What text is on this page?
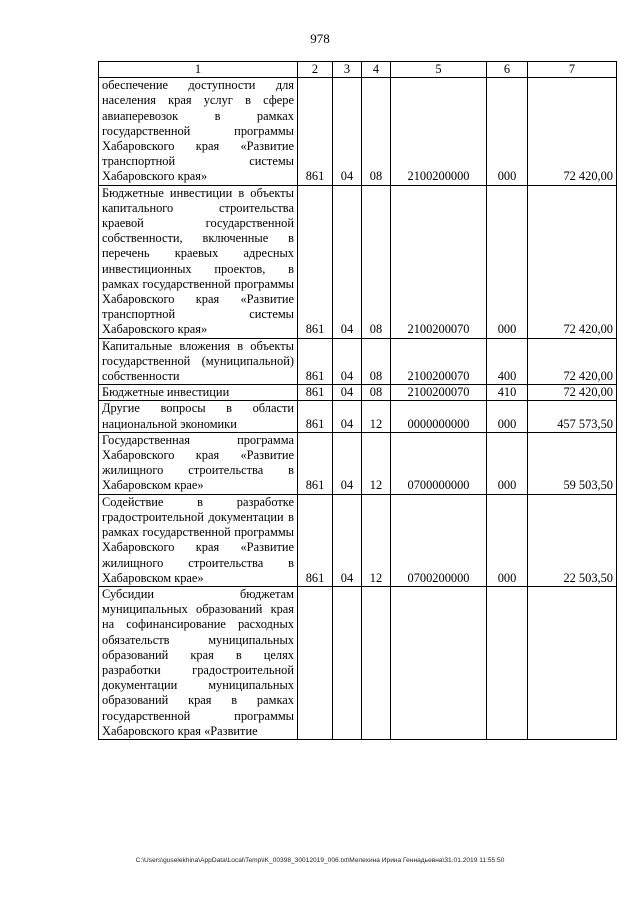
978
1	2	3	4	5	6	7
обеспечение доступности для населения края услуг в сфере авиаперевозок в рамках государственной программы Хабаровского края «Развитие транспортной системы Хабаровского края»	861	04	08	2100200000	000	72 420,00
Бюджетные инвестиции в объекты капитального строительства краевой государственной собственности, включенные в перечень краевых адресных инвестиционных проектов, в рамках государственной программы Хабаровского края «Развитие транспортной системы Хабаровского края»	861	04	08	2100200070	000	72 420,00
Капитальные вложения в объекты государственной (муниципальной) собственности	861	04	08	2100200070	400	72 420,00
Бюджетные инвестиции	861	04	08	2100200070	410	72 420,00
Другие вопросы в области национальной экономики	861	04	12	0000000000	000	457 573,50
Государственная программа Хабаровского края «Развитие жилищного строительства в Хабаровском крае»	861	04	12	0700000000	000	59 503,50
Содействие в разработке градостроительной документации в рамках государственной программы Хабаровского края «Развитие жилищного строительства в Хабаровском крае»	861	04	12	0700200000	000	22 503,50
Субсидии бюджетам муниципальных образований края на софинансирование расходных обязательств муниципальных образований края в целях разработки градостроительной документации муниципальных образований края в рамках государственной программы Хабаровского края «Развитие						
C:\Users\guselekhina\AppData\Local\Temp\lK_00398_30012019_006.txt\Мелехина Ирина Геннадьевна\31.01.2019 11:55:50
